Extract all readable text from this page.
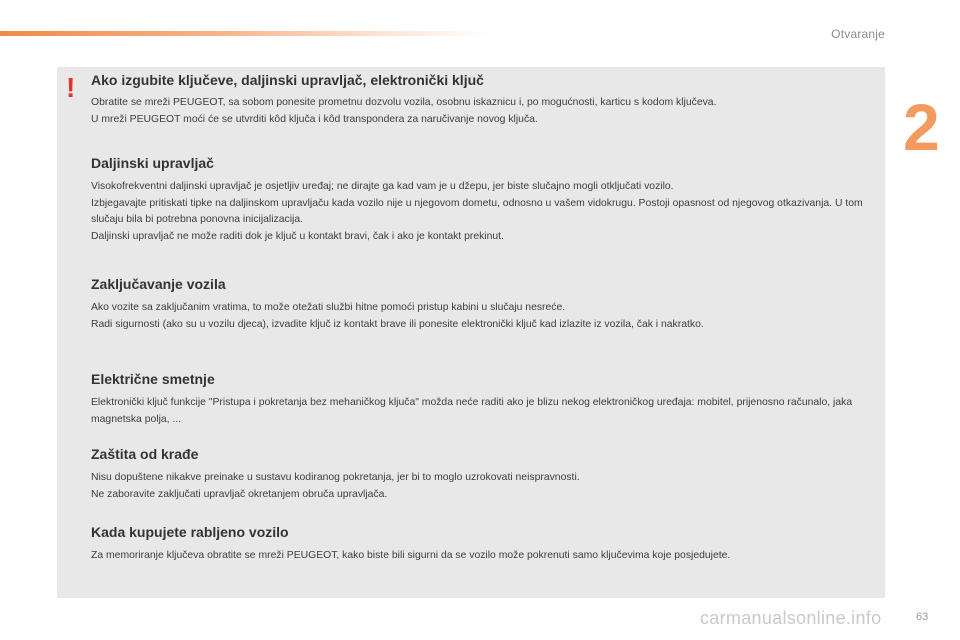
Otvaranje
2
! Ako izgubite ključeve, daljinski upravljač, elektronički ključ

Obratite se mreži PEUGEOT, sa sobom ponesite prometnu dozvolu vozila, osobnu iskaznicu i, po mogućnosti, karticu s kodom ključeva.

U mreži PEUGEOT moći će se utvrditi kôd ključa i kôd transpondera za naručivanje novog ključa.

Daljinski upravljač

Visokofrekventni daljinski upravljač je osjetljiv uređaj; ne dirajte ga kad vam je u džepu, jer biste slučajno mogli otključati vozilo.

Izbjegavajte pritiskati tipke na daljinskom upravljaču kada vozilo nije u njegovom dometu, odnosno u vašem vidokrugu. Postoji opasnost od njegovog otkazivanja. U tom slučaju bila bi potrebna ponovna inicijalizacija.

Daljinski upravljač ne može raditi dok je ključ u kontakt bravi, čak i ako je kontakt prekinut.

Zaključavanje vozila

Ako vozite sa zaključanim vratima, to može otežati službi hitne pomoći pristup kabini u slučaju nesreće.

Radi sigurnosti (ako su u vozilu djeca), izvadite ključ iz kontakt brave ili ponesite elektronički ključ kad izlazite iz vozila, čak i nakratko.

Električne smetnje

Elektronički ključ funkcije "Pristupa i pokretanja bez mehaničkog ključa" možda neće raditi ako je blizu nekog elektroničkog uređaja: mobitel, prijenosno računalo, jaka magnetska polja, ...

Zaštita od krađe

Nisu dopuštene nikakve preinake u sustavu kodiranog pokretanja, jer bi to moglo uzrokovati neispravnosti.

Ne zaboravite zaključati upravljač okretanjem obruča upravljača.

Kada kupujete rabljeno vozilo

Za memoriranje ključeva obratite se mreži PEUGEOT, kako biste bili sigurni da se vozilo može pokrenuti samo ključevima koje posjedujete.

carmanualsonline.info	63
